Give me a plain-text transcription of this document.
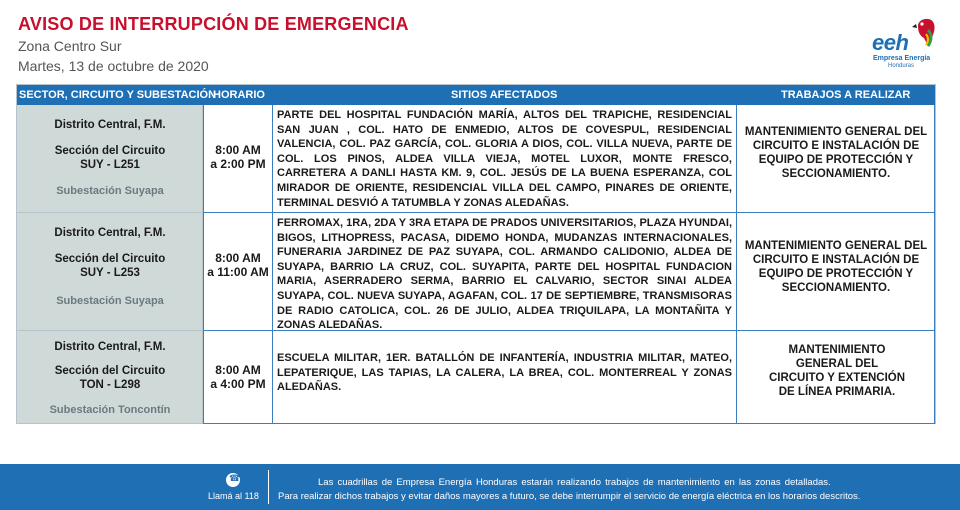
AVISO DE INTERRUPCIÓN DE EMERGENCIA
Zona Centro Sur
Martes, 13 de octubre de 2020
eeh
Empresa Energía
Honduras
SECTOR, CIRCUITO Y SUBESTACIÓN
HORARIO	SITIOS AFECTADOS	TRABAJOS A REALIZAR
Distrito Central, F.M.
Sección del Circuito
SUY - L251
Subestación Suyapa
8:00 AM
a 2:00 PM
PARTE DEL HOSPITAL FUNDACIÓN MARÍA, ALTOS DEL TRAPICHE, RESIDENCIAL SAN JUAN , COL. HATO DE ENMEDIO, ALTOS DE COVESPUL, RESIDENCIAL VALENCIA, COL. PAZ GARCÍA, COL. GLORIA A DIOS, COL. VILLA NUEVA, PARTE DE COL. LOS PINOS, ALDEA VILLA VIEJA, MOTEL LUXOR, MONTE FRESCO, CARRETERA A DANLI HASTA KM. 9, COL. JESÚS DE LA BUENA ESPERANZA, COL MIRADOR DE ORIENTE, RESIDENCIAL VILLA DEL CAMPO, PINARES DE ORIENTE, TERMINAL DESVIÓ A TATUMBLA Y ZONAS ALEDAÑAS.
MANTENIMIENTO GENERAL DEL CIRCUITO E INSTALACIÓN DE EQUIPO DE PROTECCIÓN Y SECCIONAMIENTO.
Distrito Central, F.M.
Sección del Circuito
SUY - L253
Subestación Suyapa
8:00 AM
a 11:00 AM
FERROMAX, 1RA, 2DA Y 3RA ETAPA DE PRADOS UNIVERSITARIOS, PLAZA HYUNDAI, BIGOS, LITHOPRESS, PACASA, DIDEMO HONDA, MUDANZAS INTERNACIONALES, FUNERARIA JARDINEZ DE PAZ SUYAPA, COL. ARMANDO CALIDONIO, ALDEA DE SUYAPA, BARRIO LA CRUZ, COL. SUYAPITA, PARTE DEL HOSPITAL FUNDACION MARIA, ASERRADERO SERMA, BARRIO EL CALVARIO, SECTOR SINAI ALDEA SUYAPA, COL. NUEVA SUYAPA, AGAFAN, COL. 17 DE SEPTIEMBRE, TRANSMISORAS DE RADIO CATOLICA, COL. 26 DE JULIO, ALDEA TRIQUILAPA, LA MONTAÑITA Y ZONAS ALEDAÑAS.
MANTENIMIENTO GENERAL DEL CIRCUITO E INSTALACIÓN DE EQUIPO DE PROTECCIÓN Y SECCIONAMIENTO.
Distrito Central, F.M.
Sección del Circuito
TON - L298
Subestación Toncontín
8:00 AM
a 4:00 PM
ESCUELA MILITAR, 1ER. BATALLÓN DE INFANTERÍA, INDUSTRIA MILITAR, MATEO, LEPATERIQUE, LAS TAPIAS, LA CALERA, LA BREA, COL. MONTERREAL Y ZONAS ALEDAÑAS.
MANTENIMIENTO GENERAL DEL CIRCUITO Y EXTENCIÓN DE LÍNEA PRIMARIA.
☎
Llamá al 118
Las cuadrillas de Empresa Energía Honduras estarán realizando trabajos de mantenimiento en las zonas detalladas.
Para realizar dichos trabajos y evitar daños mayores a futuro, se debe interrumpir el servicio de energía eléctrica en los horarios descritos.
